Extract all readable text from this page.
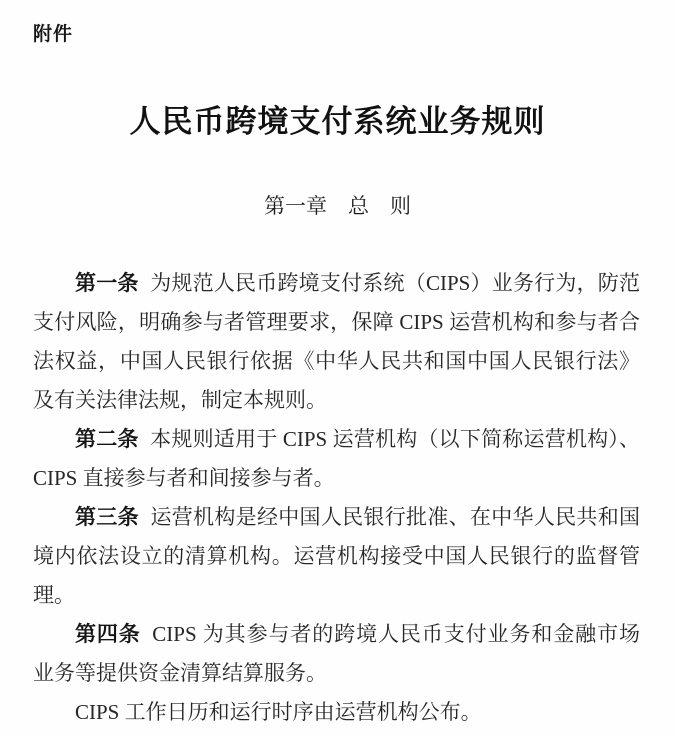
附件
人民币跨境支付系统业务规则
第一章　总　则

第一条 为规范人民币跨境支付系统（CIPS）业务行为，防范支付风险，明确参与者管理要求，保障 CIPS 运营机构和参与者合法权益，中国人民银行依据《中华人民共和国中国人民银行法》及有关法律法规，制定本规则。

第二条 本规则适用于 CIPS 运营机构（以下简称运营机构）、CIPS 直接参与者和间接参与者。

第三条 运营机构是经中国人民银行批准、在中华人民共和国境内依法设立的清算机构。运营机构接受中国人民银行的监督管理。

第四条 CIPS 为其参与者的跨境人民币支付业务和金融市场业务等提供资金清算结算服务。

CIPS 工作日历和运行时序由运营机构公布。
